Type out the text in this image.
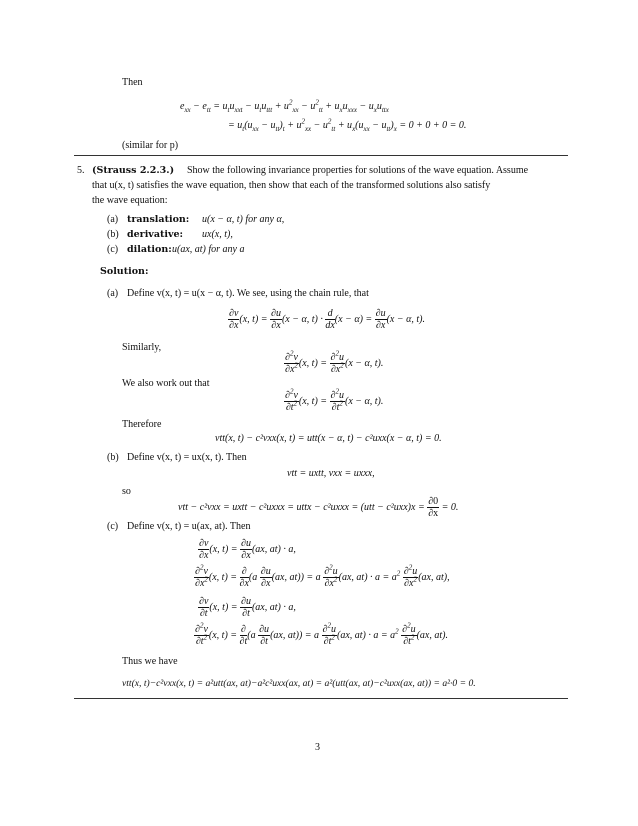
Then
$e_{xx} - e_{tt} = u_tu_{xxt} - u_tu_{ttt} + u^2_{xx} - u^2_{tt} + u_xu_{xxx} - u_xu_{ttx}$
= $u_t(u_{xx} - u_{tt})_t + u^2_{xx} - u^2_{tt} + u_x(u_{xx} - u_{tt})_x = 0 + 0 + 0 = 0$.
(similar for p)
5. (Strauss 2.2.3.) Show the following invariance properties for solutions of the wave equation. Assume
that u(x, t) satisfies the wave equation, then show that each of the transformed solutions also satisfy
the wave equation:
(a) translation: u(x − α, t) for any α,
(b) derivative: ux(x, t),
(c) dilation: u(ax, at) for any a
Solution:
(a) Define v(x, t) = u(x − α, t). We see, using the chain rule, that
$\frac{\partial v}{\partial x} (x$, $t) = \frac{\partial u}{\partial x} (x - \alpha$, $t) \cdot \frac{d}{dx} (x - \alpha) = \frac{\partial u}{\partial x} (x - \alpha$, t).
Similarly,
$\frac{\partial^2v}{\partial x^2} (x$, $t) = \frac{\partial^2u}{\partial x^2} (x - \alpha$, t).
We also work out that
$\frac{\partial^2v}{\partial t^2} (x$, $t) = \frac{\partial^2u}{\partial t^2} (x - \alpha$, t).
Therefore
vtt(x, t) − c²vxx(x, t) = utt(x − α, t) − c²uxx(x − α, t) = 0.
(b) Define v(x, t) = ux(x, t). Then
vtt = uxtt, vxx = uxxx,
so
vtt − c²vxx = uxtt − c²uxxx = uttx − c²uxxx = $(utt - c^2uxx)x = \frac{\partial 0}{\partial x} = 0$.
(c) Define v(x, t) = u(ax, at). Then
$\frac{\partial v}{\partial x} (x$, $t) = \frac{\partial u}{\partial x} (ax$, at) · a,
$\frac{\partial^2v}{\partial x^2} (x$, $t) = \frac{\partial}{\partial x} (a \frac{\partial u}{\partial x} (ax$, at)) = a $\frac{\partial^2u}{\partial x^2} (ax$, $at) \cdot a = a^2 \frac{\partial^2u}{\partial x^2} (ax$, at),
$\frac{\partial v}{\partial t} (x$, $t) = \frac{\partial u}{\partial t} (ax$, at) · a,
$\frac{\partial^2v}{\partial t^2} (x$, $t) = \frac{\partial}{\partial t} (a \frac{\partial u}{\partial t} (ax$, at)) = a $\frac{\partial^2u}{\partial t^2} (ax$, $at) \cdot a = a^2 \frac{\partial^2u}{\partial t^2} (ax$, at).
Thus we have
vtt(x, t)−c²vxx(x, t) = a²utt(ax, at)−a²c²uxx(ax, at) = a²(utt(ax, at)−c²uxx(ax, at)) = a²·0 = 0.
3
